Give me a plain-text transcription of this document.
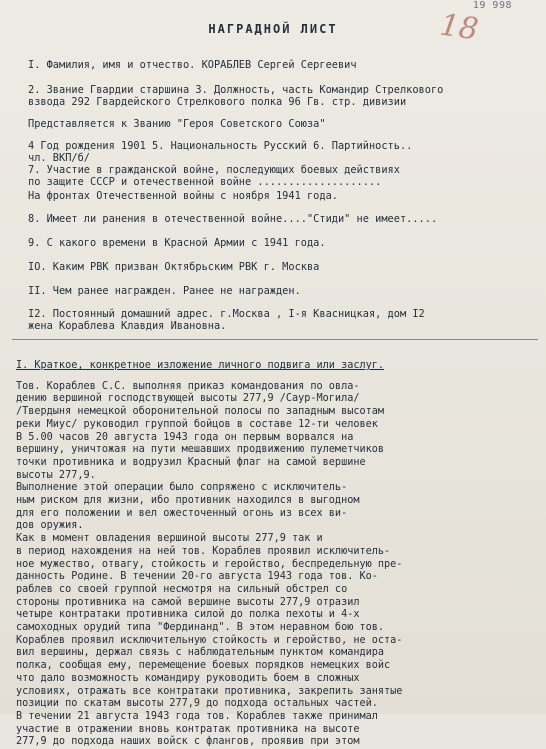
19 998
18
НАГРАДНОЙ ЛИСТ
I. Фамилия, имя и отчество. КОРАБЛЕВ Сергей Сергеевич
2. Звание Гвардии старшина 3. Должность, часть Командир Стрелкового
взвода 292 Гвардейского Стрелкового полка 96 Гв. стр. дивизии
Представляется к Званию "Героя Советского Союза"
4 Год рождения 1901 5. Национальность Русский 6. Партийность..
чл. ВКП/б/
7. Участие в гражданской войне, последующих боевых действиях
по защите СССР и отечественной войне ....................
На фронтах Отечественной войны с ноября 1941 года.
8. Имеет ли ранения в отечественной войне...."Стиди" не имеет.....
9. С какого времени в Красной Армии с 1941 года.
IO. Каким РВК призван Октябрьским РВК г. Москва
II. Чем ранее награжден. Ранее не награжден.
I2. Постоянный домашний адрес. г.Москва , I-я Квасницкая, дом I2
жена Кораблева Клавдия Ивановна.

I. Краткое, конкретное изложение личного подвига или заслуг.

Тов. Кораблев С.С. выполняя приказ командования по овла-

дению вершиной господствующей высоты 277,9 /Саур-Могила/

/Твердыня немецкой оборонительной полосы по западным высотам

реки Миус/ руководил группой бойцов в составе 12-ти человек

В 5.00 часов 20 августа 1943 года он первым ворвался на

вершину, уничтожая на пути мешавших продвижению пулеметчиков

точки противника и водрузил Красный флаг на самой вершине

высоты 277,9.

Выполнение этой операции было сопряжено с исключитель-

ным риском для жизни, ибо противник находился в выгодном

для его положении и вел ожесточенный огонь из всех ви-

дов оружия.

Как в момент овладения вершиной высоты 277,9 так и

в период нахождения на ней тов. Кораблев проявил исключитель-

ное мужество, отвагу, стойкость и геройство, беспредельную пре-

данность Родине. В течении 20-го августа 1943 года тов. Ко-

раблев со своей группой несмотря на сильный обстрел со

стороны противника на самой вершине высоты 277,9 отразил

четыре контратаки противника силой до полка пехоты и 4-х

самоходных орудий типа "Фердинанд". В этом неравном бою тов.

Кораблев проявил исключительную стойкость и геройство, не оста-

вил вершины, держал связь с наблюдательным пунктом командира

полка, сообщая ему, перемещение боевых порядков немецких войс

что дало возможность командиру руководить боем в сложных

условиях, отражать все контратаки противника, закрепить занятые

позиции по скатам высоты 277,9 до подхода остальных частей.

В течении 21 августа 1943 года тов. Кораблев также принимал

участие в отражении вновь контратак противника на высоте

277,9 до подхода наших войск с флангов, проявив при этом
